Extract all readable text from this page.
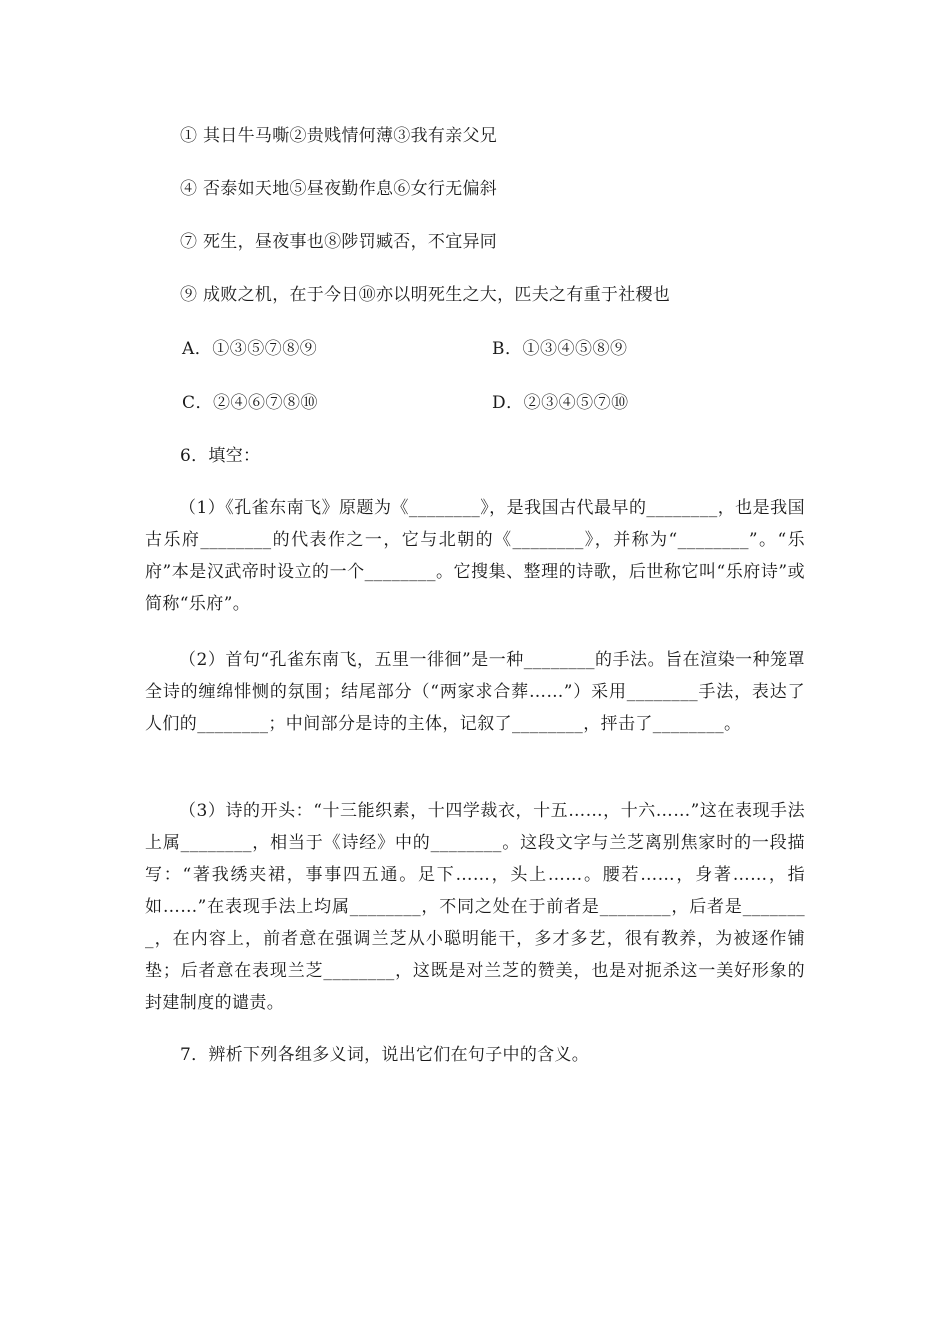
① 其日牛马嘶②贵贱情何薄③我有亲父兄
④ 否泰如天地⑤昼夜勤作息⑥女行无偏斜
⑦ 死生，昼夜事也⑧陟罚臧否，不宜异同
⑨ 成败之机，在于今日⑩亦以明死生之大，匹夫之有重于社稷也
A．①③⑤⑦⑧⑨	B．①③④⑤⑧⑨
C．②④⑥⑦⑧⑩	D．②③④⑤⑦⑩
6．填空：
（1）《孔雀东南飞》原题为《________》，是我国古代最早的________，也是我国古乐府________的代表作之一，它与北朝的《________》，并称为“________”。“乐府”本是汉武帝时设立的一个________。它搜集、整理的诗歌，后世称它叫“乐府诗”或简称“乐府”。
（2）首句“孔雀东南飞，五里一徘徊”是一种________的手法。旨在渲染一种笼罩全诗的缠绵悱恻的氛围；结尾部分（“两家求合葬……”）采用________手法，表达了人们的________；中间部分是诗的主体，记叙了________，抨击了________。
（3）诗的开头：“十三能织素，十四学裁衣，十五……，十六……”这在表现手法上属________，相当于《诗经》中的________。这段文字与兰芝离别焦家时的一段描写：“著我绣夹裙，事事四五通。足下……，头上……。腰若……，身著……，指如……”在表现手法上均属________，不同之处在于前者是________，后者是________，在内容上，前者意在强调兰芝从小聪明能干，多才多艺，很有教养，为被逐作铺垫；后者意在表现兰芝________，这既是对兰芝的赞美，也是对扼杀这一美好形象的封建制度的谴责。
7．辨析下列各组多义词，说出它们在句子中的含义。
